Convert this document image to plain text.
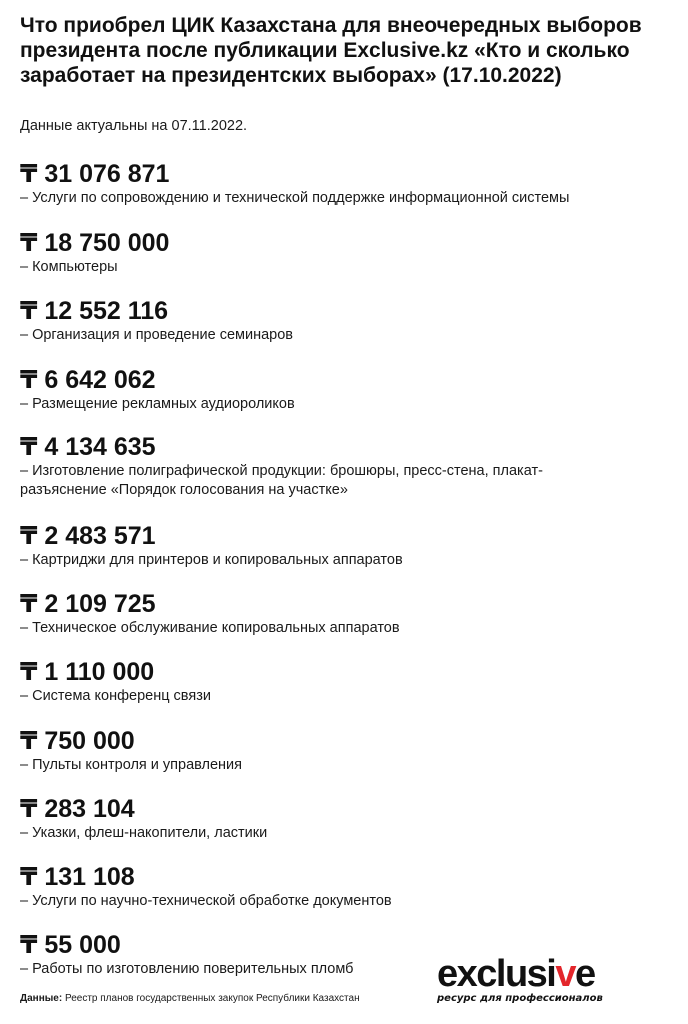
Что приобрел ЦИК Казахстана для внеочередных выборов президента после публикации Exclusive.kz «Кто и сколько заработает на президентских выборах» (17.10.2022)
Данные актуальны на 07.11.2022.
₸ 31 076 871
– Услуги по сопровождению и технической поддержке информационной системы
₸ 18 750 000
– Компьютеры
₸ 12 552 116
– Организация и проведение семинаров
₸ 6 642 062
– Размещение рекламных аудиороликов
₸ 4 134 635
– Изготовление полиграфической продукции: брошюры, пресс-стена, плакат-разъяснение «Порядок голосования на участке»
₸ 2 483 571
– Картриджи для принтеров и копировальных аппаратов
₸ 2 109 725
– Техническое обслуживание копировальных аппаратов
₸ 1 110 000
– Система конференц связи
₸ 750 000
– Пульты контроля и управления
₸ 283 104
– Указки, флеш-накопители, ластики
₸ 131 108
– Услуги по научно-технической обработке документов
₸ 55 000
– Работы по изготовлению поверительных пломб
Данные: Реестр планов государственных закупок Республики Казахстан
exclusive
ресурс для профессионалов
